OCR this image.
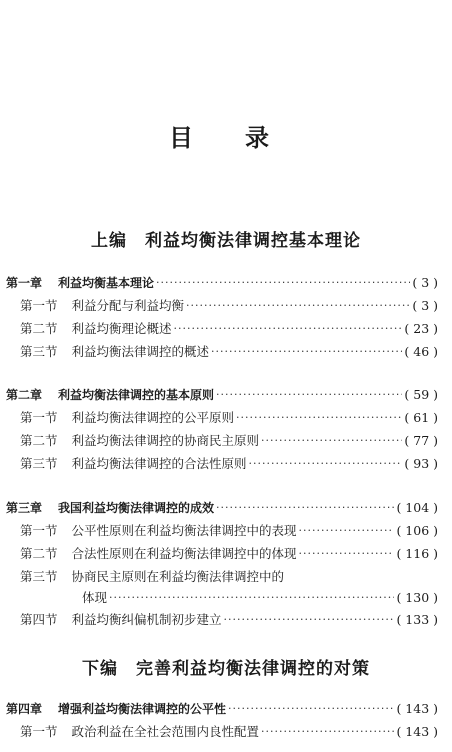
目　录
上编　利益均衡法律调控基本理论
第一章 利益均衡基本理论 ·····	( 3 )
第一节 利益分配与利益均衡 ·····	( 3 )
第二节 利益均衡理论概述 ·····	( 23 )
第三节 利益均衡法律调控的概述 ·····	( 46 )
第二章 利益均衡法律调控的基本原则 ·····	( 59 )
第一节 利益均衡法律调控的公平原则 ·····	( 61 )
第二节 利益均衡法律调控的协商民主原则 ·····	( 77 )
第三节 利益均衡法律调控的合法性原则 ·····	( 93 )
第三章 我国利益均衡法律调控的成效 ·····	( 104 )
第一节 公平性原则在利益均衡法律调控中的表现 ·····	( 106 )
第二节 合法性原则在利益均衡法律调控中的体现 ·····	( 116 )
第三节 协商民主原则在利益均衡法律调控中的
体现 ·····	( 130 )
第四节 利益均衡纠偏机制初步建立 ·····	( 133 )
下编　完善利益均衡法律调控的对策
第四章 增强利益均衡法律调控的公平性 ·····	( 143 )
第一节 政治利益在全社会范围内良性配置 ·····	( 143 )
